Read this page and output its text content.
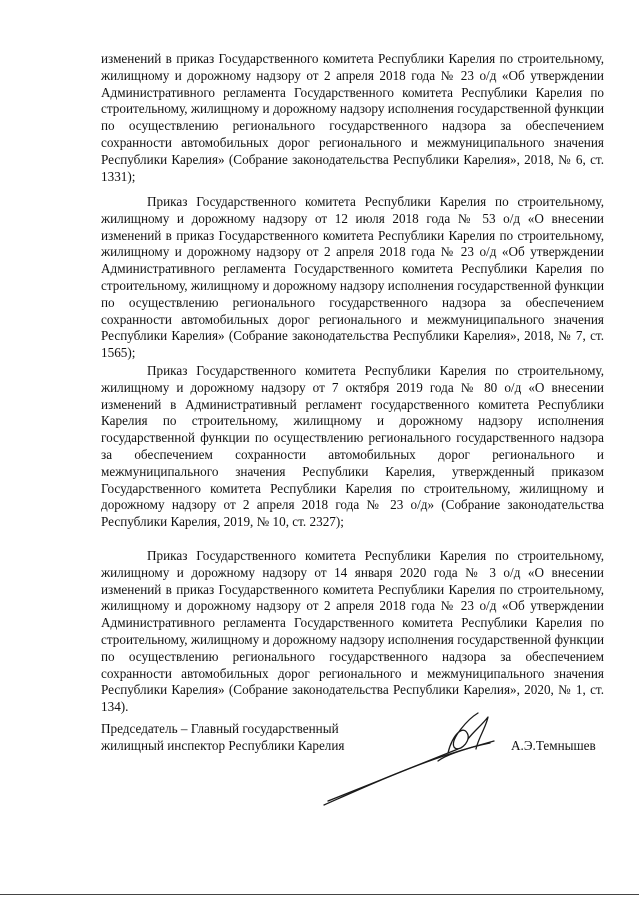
изменений в приказ Государственного комитета Республики Карелия по строительному, жилищному и дорожному надзору от 2 апреля 2018 года № 23 о/д «Об утверждении Административного регламента Государственного комитета Республики Карелия по строительному, жилищному и дорожному надзору исполнения государственной функции по осуществлению регионального государственного надзора за обеспечением сохранности автомобильных дорог регионального и межмуниципального значения Республики Карелия» (Собрание законодательства Республики Карелия», 2018, № 6, ст. 1331);

Приказ Государственного комитета Республики Карелия по строительному, жилищному и дорожному надзору от 12 июля 2018 года № 53 о/д «О внесении изменений в приказ Государственного комитета Республики Карелия по строительному, жилищному и дорожному надзору от 2 апреля 2018 года № 23 о/д «Об утверждении Административного регламента Государственного комитета Республики Карелия по строительному, жилищному и дорожному надзору исполнения государственной функции по осуществлению регионального государственного надзора за обеспечением сохранности автомобильных дорог регионального и межмуниципального значения Республики Карелия» (Собрание законодательства Республики Карелия», 2018, № 7, ст. 1565);

Приказ Государственного комитета Республики Карелия по строительному, жилищному и дорожному надзору от 7 октября 2019 года № 80 о/д «О внесении изменений в Административный регламент государственного комитета Республики Карелия по строительному, жилищному и дорожному надзору исполнения государственной функции по осуществлению регионального государственного надзора за обеспечением сохранности автомобильных дорог регионального и межмуниципального значения Республики Карелия, утвержденный приказом Государственного комитета Республики Карелия по строительному, жилищному и дорожному надзору от 2 апреля 2018 года № 23 о/д» (Собрание законодательства Республики Карелия, 2019, № 10, ст. 2327);

Приказ Государственного комитета Республики Карелия по строительному, жилищному и дорожному надзору от 14 января 2020 года № 3 о/д «О внесении изменений в приказ Государственного комитета Республики Карелия по строительному, жилищному и дорожному надзору от 2 апреля 2018 года № 23 о/д «Об утверждении Административного регламента Государственного комитета Республики Карелия по строительному, жилищному и дорожному надзору исполнения государственной функции по осуществлению регионального государственного надзора за обеспечением сохранности автомобильных дорог регионального и межмуниципального значения Республики Карелия» (Собрание законодательства Республики Карелия», 2020, № 1, ст. 134).

Председатель – Главный государственный
жилищный инспектор Республики Карелия	А.Э.Темнышев
